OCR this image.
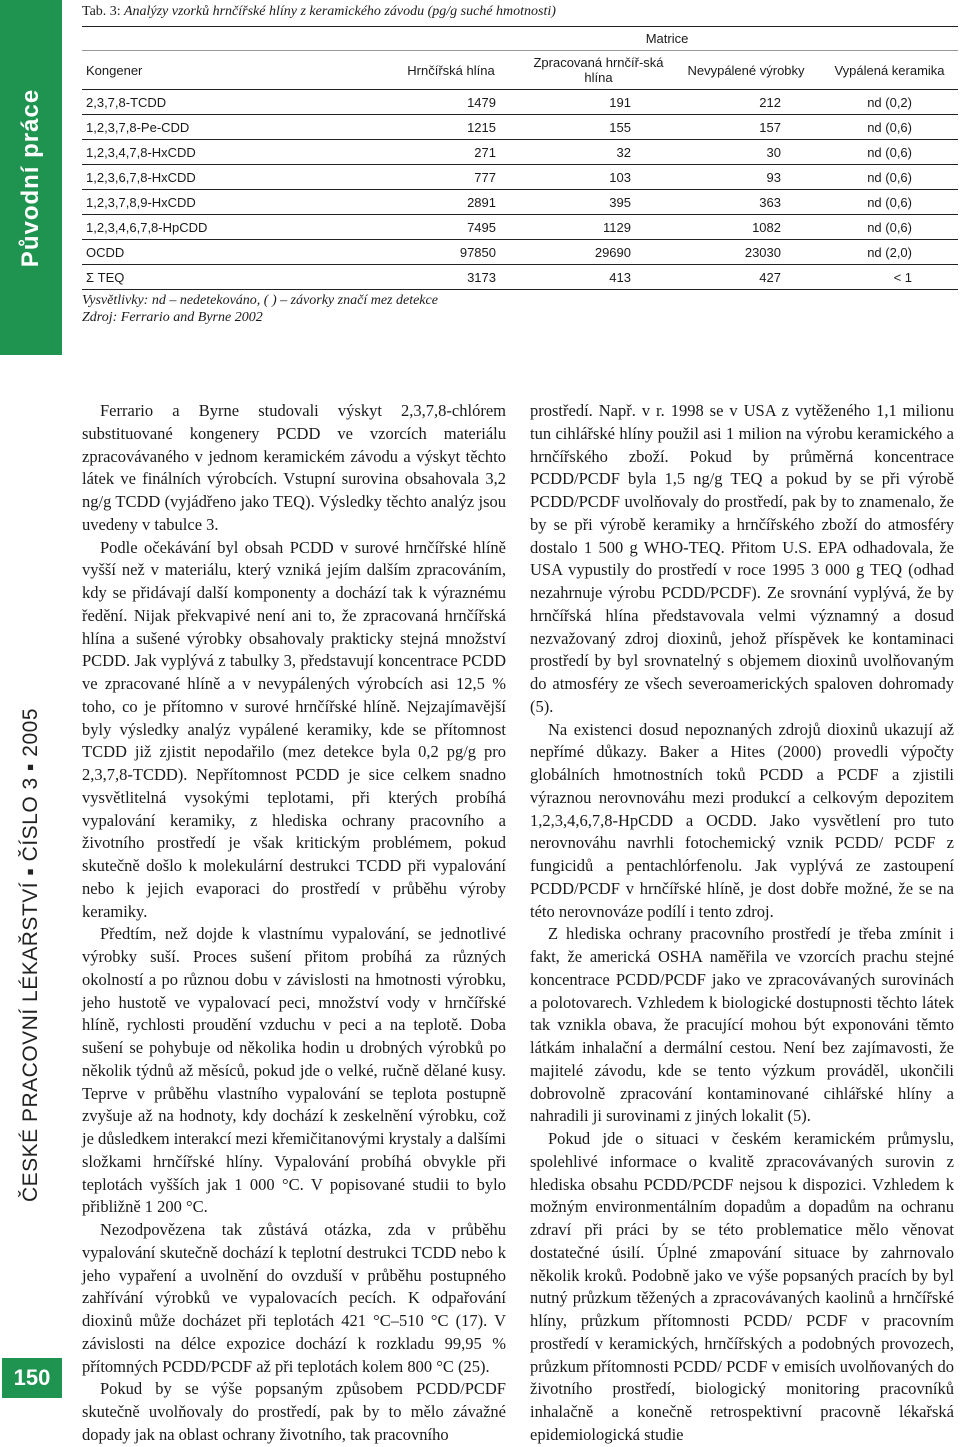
Původní práce
ČESKÉ PRACOVNÍ LÉKAŘSTVÍ ▪ ČÍSLO 3 ▪ 2005
150
Tab. 3: Analýzy vzorků hrnčířské hlíny z keramického závodu (pg/g suché hmotnosti)
Matrice
Kongener	Hrnčířská hlína	Zpracovaná hrnčíř-ská hlína	Nevypálené výrobky	Vypálená keramika
2,3,7,8-TCDD	1479	191	212	nd (0,2)
1,2,3,7,8-Pe-CDD	1215	155	157	nd (0,6)
1,2,3,4,7,8-HxCDD	271	32	30	nd (0,6)
1,2,3,6,7,8-HxCDD	777	103	93	nd (0,6)
1,2,3,7,8,9-HxCDD	2891	395	363	nd (0,6)
1,2,3,4,6,7,8-HpCDD	7495	1129	1082	nd (0,6)
OCDD	97850	29690	23030	nd (2,0)
Σ TEQ	3173	413	427	< 1
Vysvětlivky: nd – nedetekováno, ( ) – závorky značí mez detekce
Zdroj: Ferrario and Byrne 2002

Ferrario a Byrne studovali výskyt 2,3,7,8-chlórem substituované kongenery PCDD ve vzorcích materiálu zpracovávaného v jednom keramickém závodu a výskyt těchto látek ve finálních výrobcích. Vstupní surovina obsahovala 3,2 ng/g TCDD (vyjádřeno jako TEQ). Výsledky těchto analýz jsou uvedeny v tabulce 3.

Podle očekávání byl obsah PCDD v surové hrnčířské hlíně vyšší než v materiálu, který vzniká jejím dalším zpracováním, kdy se přidávají další komponenty a dochází tak k výraznému ředění. Nijak překvapivé není ani to, že zpracovaná hrnčířská hlína a sušené výrobky obsahovaly prakticky stejná množství PCDD. Jak vyplývá z tabulky 3, představují koncentrace PCDD ve zpracované hlíně a v nevypálených výrobcích asi 12,5 % toho, co je přítomno v surové hrnčířské hlíně. Nejzajímavější byly výsledky analýz vypálené keramiky, kde se přítomnost TCDD již zjistit nepodařilo (mez detekce byla 0,2 pg/g pro 2,3,7,8-TCDD). Nepřítomnost PCDD je sice celkem snadno vysvětlitelná vysokými teplotami, při kterých probíhá vypalování keramiky, z hlediska ochrany pracovního a životního prostředí je však kritickým problémem, pokud skutečně došlo k molekulární destrukci TCDD při vypalování nebo k jejich evaporaci do prostředí v průběhu výroby keramiky.

Předtím, než dojde k vlastnímu vypalování, se jednotlivé výrobky suší. Proces sušení přitom probíhá za různých okolností a po různou dobu v závislosti na hmotnosti výrobku, jeho hustotě ve vypalovací peci, množství vody v hrnčířské hlíně, rychlosti proudění vzduchu v peci a na teplotě. Doba sušení se pohybuje od několika hodin u drobných výrobků po několik týdnů až měsíců, pokud jde o velké, ručně dělané kusy. Teprve v průběhu vlastního vypalování se teplota postupně zvyšuje až na hodnoty, kdy dochází k zeskelnění výrobku, což je důsledkem interakcí mezi křemičitanovými krystaly a dalšími složkami hrnčířské hlíny. Vypalování probíhá obvykle při teplotách vyšších jak 1 000 °C. V popisované studii to bylo přibližně 1 200 °C.

Nezodpovězena tak zůstává otázka, zda v průběhu vypalování skutečně dochází k teplotní destrukci TCDD nebo k jeho vypaření a uvolnění do ovzduší v průběhu postupného zahřívání výrobků ve vypalovacích pecích. K odpařování dioxinů může docházet při teplotách 421 °C–510 °C (17). V závislosti na délce expozice dochází k rozkladu 99,95 % přítomných PCDD/PCDF až při teplotách kolem 800 °C (25).

Pokud by se výše popsaným způsobem PCDD/PCDF skutečně uvolňovaly do prostředí, pak by to mělo závažné dopady jak na oblast ochrany životního, tak pracovního

prostředí. Např. v r. 1998 se v USA z vytěženého 1,1 milionu tun cihlářské hlíny použil asi 1 milion na výrobu keramického a hrnčířského zboží. Pokud by průměrná koncentrace PCDD/PCDF byla 1,5 ng/g TEQ a pokud by se při výrobě PCDD/PCDF uvolňovaly do prostředí, pak by to znamenalo, že by se při výrobě keramiky a hrnčířského zboží do atmosféry dostalo 1 500 g WHO-TEQ. Přitom U.S. EPA odhadovala, že USA vypustily do prostředí v roce 1995 3 000 g TEQ (odhad nezahrnuje výrobu PCDD/PCDF). Ze srovnání vyplývá, že by hrnčířská hlína představovala velmi významný a dosud nezvažovaný zdroj dioxinů, jehož příspěvek ke kontaminaci prostředí by byl srovnatelný s objemem dioxinů uvolňovaným do atmosféry ze všech severoamerických spaloven dohromady (5).

Na existenci dosud nepoznaných zdrojů dioxinů ukazují až nepřímé důkazy. Baker a Hites (2000) provedli výpočty globálních hmotnostních toků PCDD a PCDF a zjistili výraznou nerovnováhu mezi produkcí a celkovým depozitem 1,2,3,4,6,7,8-HpCDD a OCDD. Jako vysvětlení pro tuto nerovnováhu navrhli fotochemický vznik PCDD/ PCDF z fungicidů a pentachlórfenolu. Jak vyplývá ze zastoupení PCDD/PCDF v hrnčířské hlíně, je dost dobře možné, že se na této nerovnováze podílí i tento zdroj.

Z hlediska ochrany pracovního prostředí je třeba zmínit i fakt, že americká OSHA naměřila ve vzorcích prachu stejné koncentrace PCDD/PCDF jako ve zpracovávaných surovinách a polotovarech. Vzhledem k biologické dostupnosti těchto látek tak vznikla obava, že pracující mohou být exponováni těmto látkám inhalační a dermální cestou. Není bez zajímavosti, že majitelé závodu, kde se tento výzkum prováděl, ukončili dobrovolně zpracování kontaminované cihlářské hlíny a nahradili ji surovinami z jiných lokalit (5).

Pokud jde o situaci v českém keramickém průmyslu, spolehlivé informace o kvalitě zpracovávaných surovin z hlediska obsahu PCDD/PCDF nejsou k dispozici. Vzhledem k možným environmentálním dopadům a dopadům na ochranu zdraví při práci by se této problematice mělo věnovat dostatečné úsilí. Úplné zmapování situace by zahrnovalo několik kroků. Podobně jako ve výše popsaných pracích by byl nutný průzkum těžených a zpracovávaných kaolinů a hrnčířské hlíny, průzkum přítomnosti PCDD/ PCDF v pracovním prostředí v keramických, hrnčířských a podobných provozech, průzkum přítomnosti PCDD/ PCDF v emisích uvolňovaných do životního prostředí, biologický monitoring pracovníků inhalačně a konečně retrospektivní pracovně lékařská epidemiologická studie
